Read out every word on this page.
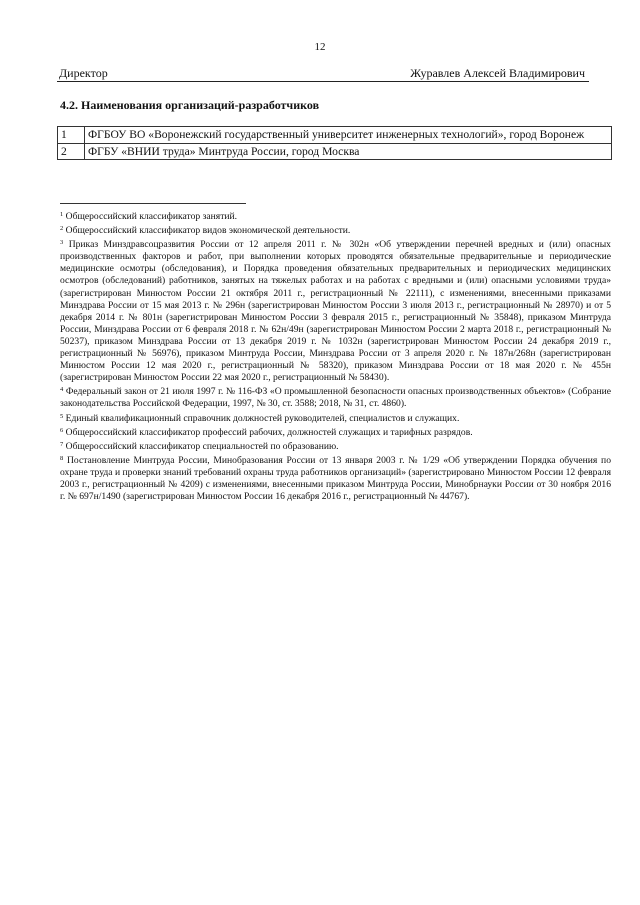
12
Директор	Журавлев Алексей Владимирович
4.2. Наименования организаций-разработчиков
1	ФГБОУ ВО «Воронежский государственный университет инженерных технологий», город Воронеж
2	ФГБУ «ВНИИ труда» Минтруда России, город Москва

$^1$ Общероссийский классификатор занятий.

$^2$ Общероссийский классификатор видов экономической деятельности.

$^3$ Приказ Минздравсоцразвития России от 12 апреля 2011 г. № 302н «Об утверждении перечней вредных и (или) опасных производственных факторов и работ, при выполнении которых проводятся обязательные предварительные и периодические медицинские осмотры (обследования), и Порядка проведения обязательных предварительных и периодических медицинских осмотров (обследований) работников, занятых на тяжелых работах и на работах с вредными и (или) опасными условиями труда» (зарегистрирован Минюстом России 21 октября 2011 г., регистрационный № 22111), с изменениями, внесенными приказами Минздрава России от 15 мая 2013 г. № 296н (зарегистрирован Минюстом России 3 июля 2013 г., регистрационный № 28970) и от 5 декабря 2014 г. № 801н (зарегистрирован Минюстом России 3 февраля 2015 г., регистрационный № 35848), приказом Минтруда России, Минздрава России от 6 февраля 2018 г. № 62н/49н (зарегистрирован Минюстом России 2 марта 2018 г., регистрационный № 50237), приказом Минздрава России от 13 декабря 2019 г. № 1032н (зарегистрирован Минюстом России 24 декабря 2019 г., регистрационный № 56976), приказом Минтруда России, Минздрава России от 3 апреля 2020 г. № 187н/268н (зарегистрирован Минюстом России 12 мая 2020 г., регистрационный № 58320), приказом Минздрава России от 18 мая 2020 г. № 455н (зарегистрирован Минюстом России 22 мая 2020 г., регистрационный № 58430).

$^4$ Федеральный закон от 21 июля 1997 г. № 116-ФЗ «О промышленной безопасности опасных производственных объектов» (Собрание законодательства Российской Федерации, 1997, № 30, ст. 3588; 2018, № 31, ст. 4860).

$^5$ Единый квалификационный справочник должностей руководителей, специалистов и служащих.

$^6$ Общероссийский классификатор профессий рабочих, должностей служащих и тарифных разрядов.

$^7$ Общероссийский классификатор специальностей по образованию.

$^8$ Постановление Минтруда России, Минобразования России от 13 января 2003 г. № 1/29 «Об утверждении Порядка обучения по охране труда и проверки знаний требований охраны труда работников организаций» (зарегистрировано Минюстом России 12 февраля 2003 г., регистрационный № 4209) с изменениями, внесенными приказом Минтруда России, Минобрнауки России от 30 ноября 2016 г. № 697н/1490 (зарегистрирован Минюстом России 16 декабря 2016 г., регистрационный № 44767).
